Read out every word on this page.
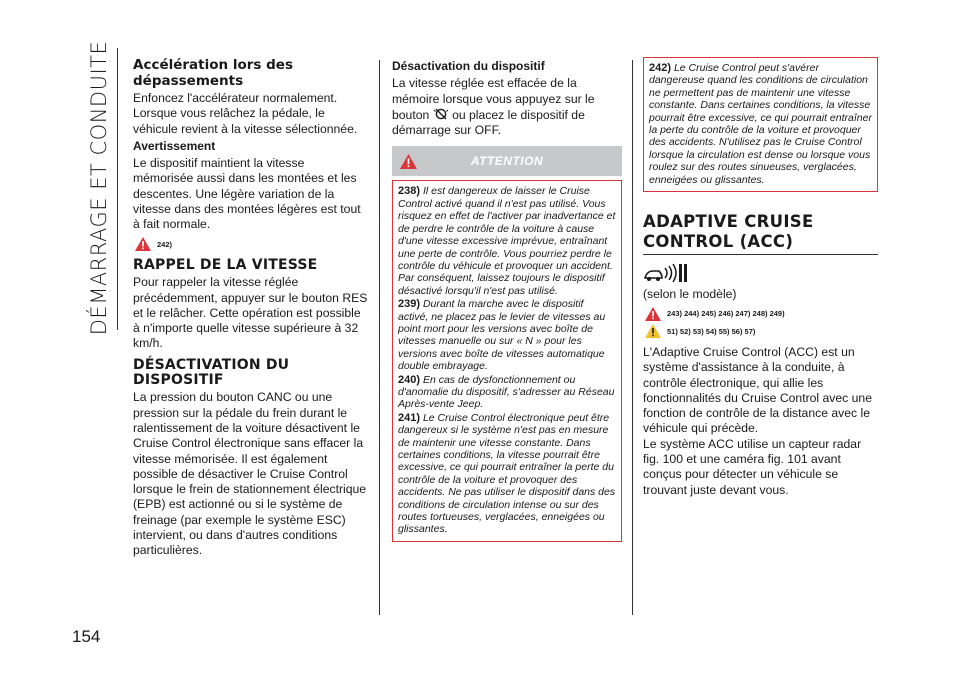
DÉMARRAGE ET CONDUITE
154
Accélération lors des dépassements

Enfoncez l'accélérateur normalement. Lorsque vous relâchez la pédale, le véhicule revient à la vitesse sélectionnée.

Avertissement

Le dispositif maintient la vitesse mémorisée aussi dans les montées et les descentes. Une légère variation de la vitesse dans des montées légères est tout à fait normale.

242)
RAPPEL DE LA VITESSE

Pour rappeler la vitesse réglée précédemment, appuyer sur le bouton RES et le relâcher. Cette opération est possible à n'importe quelle vitesse supérieure à 32 km/h.

DÉSACTIVATION DU DISPOSITIF

La pression du bouton CANC ou une pression sur la pédale du frein durant le ralentissement de la voiture désactivent le Cruise Control électronique sans effacer la vitesse mémorisée. Il est également possible de désactiver le Cruise Control lorsque le frein de stationnement électrique (EPB) est actionné ou si le système de freinage (par exemple le système ESC) intervient, ou dans d'autres conditions particulières.

Désactivation du dispositif

La vitesse réglée est effacée de la mémoire lorsque vous appuyez sur le bouton ou placez le dispositif de démarrage sur OFF.

ATTENTION
238) Il est dangereux de laisser le Cruise Control activé quand il n'est pas utilisé. Vous risquez en effet de l'activer par inadvertance et de perdre le contrôle de la voiture à cause d'une vitesse excessive imprévue, entraînant une perte de contrôle. Vous pourriez perdre le contrôle du véhicule et provoquer un accident. Par conséquent, laissez toujours le dispositif désactivé lorsqu'il n'est pas utilisé.
239) Durant la marche avec le dispositif activé, ne placez pas le levier de vitesses au point mort pour les versions avec boîte de vitesses manuelle ou sur « N » pour les versions avec boîte de vitesses automatique double embrayage.
240) En cas de dysfonctionnement ou d'anomalie du dispositif, s'adresser au Réseau Après-vente Jeep.
241) Le Cruise Control électronique peut être dangereux si le système n'est pas en mesure de maintenir une vitesse constante. Dans certaines conditions, la vitesse pourrait être excessive, ce qui pourrait entraîner la perte du contrôle de la voiture et provoquer des accidents. Ne pas utiliser le dispositif dans des conditions de circulation intense ou sur des routes tortueuses, verglacées, enneigées ou glissantes.
242) Le Cruise Control peut s'avérer dangereuse quand les conditions de circulation ne permettent pas de maintenir une vitesse constante. Dans certaines conditions, la vitesse pourrait être excessive, ce qui pourrait entraîner la perte du contrôle de la voiture et provoquer des accidents. N'utilisez pas le Cruise Control lorsque la circulation est dense ou lorsque vous roulez sur des routes sinueuses, verglacées, enneigées ou glissantes.
ADAPTIVE CRUISE CONTROL (ACC)

(selon le modèle)

243) 244) 245) 246) 247) 248) 249)
51) 52) 53) 54) 55) 56) 57)

L'Adaptive Cruise Control (ACC) est un système d'assistance à la conduite, à contrôle électronique, qui allie les fonctionnalités du Cruise Control avec une fonction de contrôle de la distance avec le véhicule qui précède.

Le système ACC utilise un capteur radar fig. 100 et une caméra fig. 101 avant conçus pour détecter un véhicule se trouvant juste devant vous.
